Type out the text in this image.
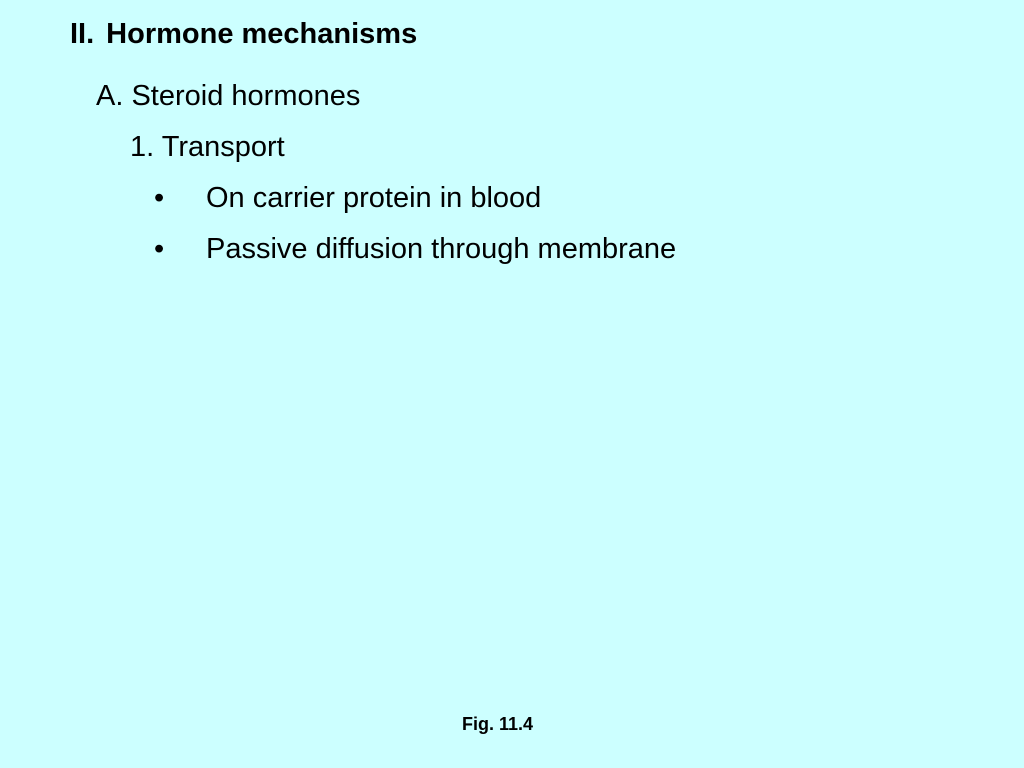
II. Hormone mechanisms
A. Steroid hormones
1. Transport
• On carrier protein in blood
• Passive diffusion through membrane
Fig. 11.4
